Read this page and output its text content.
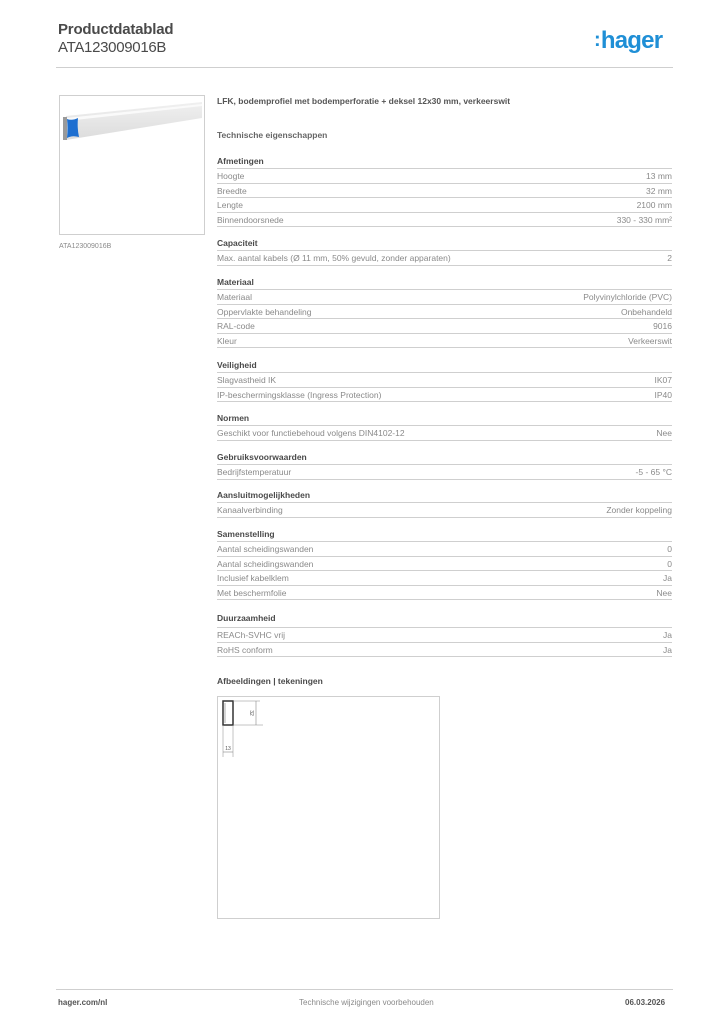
Productdatablad
ATA123009016B	:hager
ATA123009016B
LFK, bodemprofiel met bodemperforatie + deksel 12x30 mm, verkeerswit
Technische eigenschappen
Afmetingen
Hoogte	13 mm
Breedte	32 mm
Lengte	2100 mm
Binnendoorsnede	330 - 330 mm²
Capaciteit
Max. aantal kabels (Ø 11 mm, 50% gevuld, zonder apparaten)	2
Materiaal
Materiaal	Polyvinylchloride (PVC)
Oppervlakte behandeling	Onbehandeld
RAL-code	9016
Kleur	Verkeerswit
Veiligheid
Slagvastheid IK	IK07
IP-beschermingsklasse (Ingress Protection)	IP40
Normen
Geschikt voor functiebehoud volgens DIN4102-12	Nee
Gebruiksvoorwaarden
Bedrijfstemperatuur	-5 - 65 °C
Aansluitmogelijkheden
Kanaalverbinding	Zonder koppeling
Samenstelling
Aantal scheidingswanden	0
Aantal scheidingswanden	0
Inclusief kabelklem	Ja
Met beschermfolie	Nee
Duurzaamheid
REACh-SVHC vrij	Ja
RoHS conform	Ja
Afbeeldingen | tekeningen
32
13
hager.com/nl	Technische wijzigingen voorbehouden	06.03.2026
